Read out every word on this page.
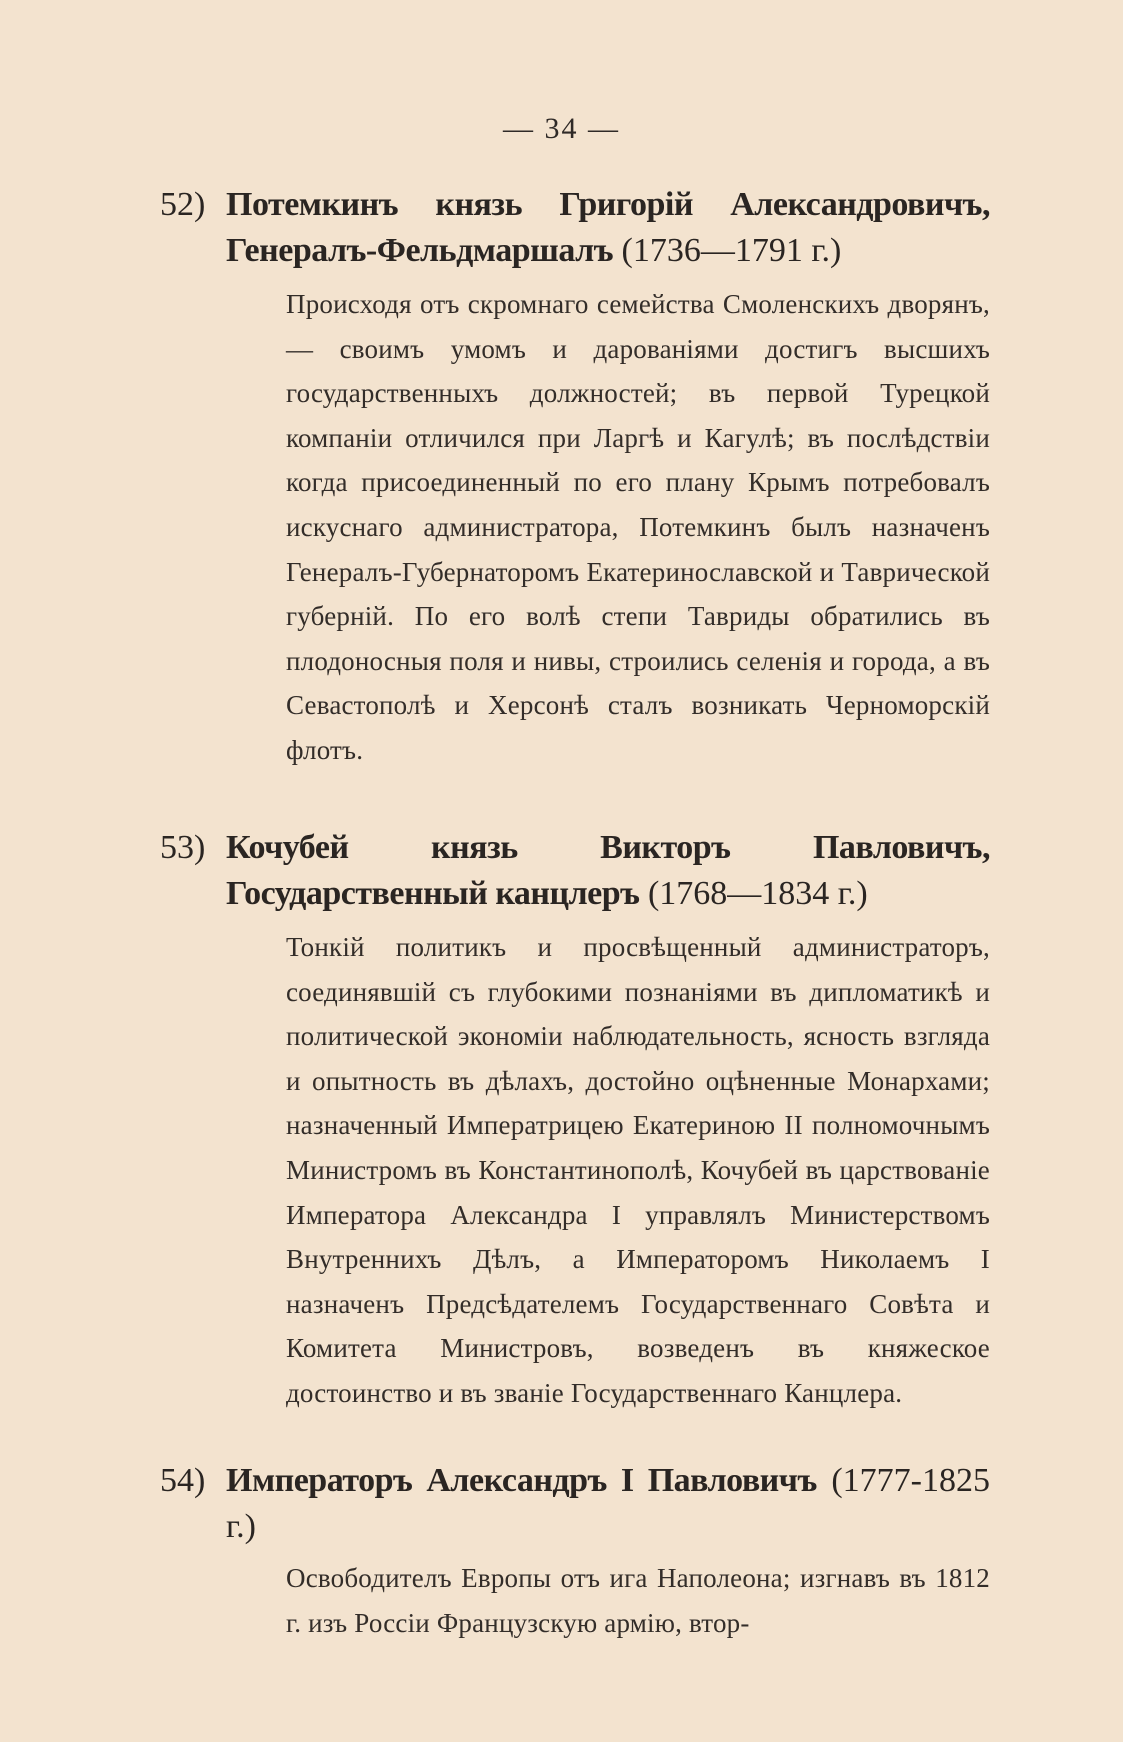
— 34 —
52) Потемкинъ князь Григорій Александровичъ, Генералъ-Фельдмаршалъ (1736—1791 г.)
Происходя отъ скромнаго семейства Смоленскихъ дворянъ, — своимъ умомъ и дарованіями достигъ высшихъ государственныхъ должностей; въ первой Турецкой компаніи отличился при Ларгѣ и Кагулѣ; въ послѣдствіи когда присоединенный по его плану Крымъ потребовалъ искуснаго администратора, Потемкинъ былъ назначенъ Генералъ-Губернаторомъ Екатеринославской и Таврической губерній. По его волѣ степи Тавриды обратились въ плодоносныя поля и нивы, строились селенія и города, а въ Севастополѣ и Херсонѣ сталъ возникать Черноморскій флотъ.
53) Кочубей князь Викторъ Павловичъ, Государственный канцлеръ (1768—1834 г.)
Тонкій политикъ и просвѣщенный администраторъ, соединявшій съ глубокими познаніями въ дипломатикѣ и политической экономіи наблюдательность, ясность взгляда и опытность въ дѣлахъ, достойно оцѣненные Монархами; назначенный Императрицею Екатериною II полномочнымъ Министромъ въ Константинополѣ, Кочубей въ царствованіе Императора Александра I управлялъ Министерствомъ Внутреннихъ Дѣлъ, а Императоромъ Николаемъ I назначенъ Предсѣдателемъ Государственнаго Совѣта и Комитета Министровъ, возведенъ въ княжеское достоинство и въ званіе Государственнаго Канцлера.
54) Императоръ Александръ I Павловичъ (1777-1825 г.)
Освободителъ Европы отъ ига Наполеона; изгнавъ въ 1812 г. изъ Россіи Французскую армію, втор-
